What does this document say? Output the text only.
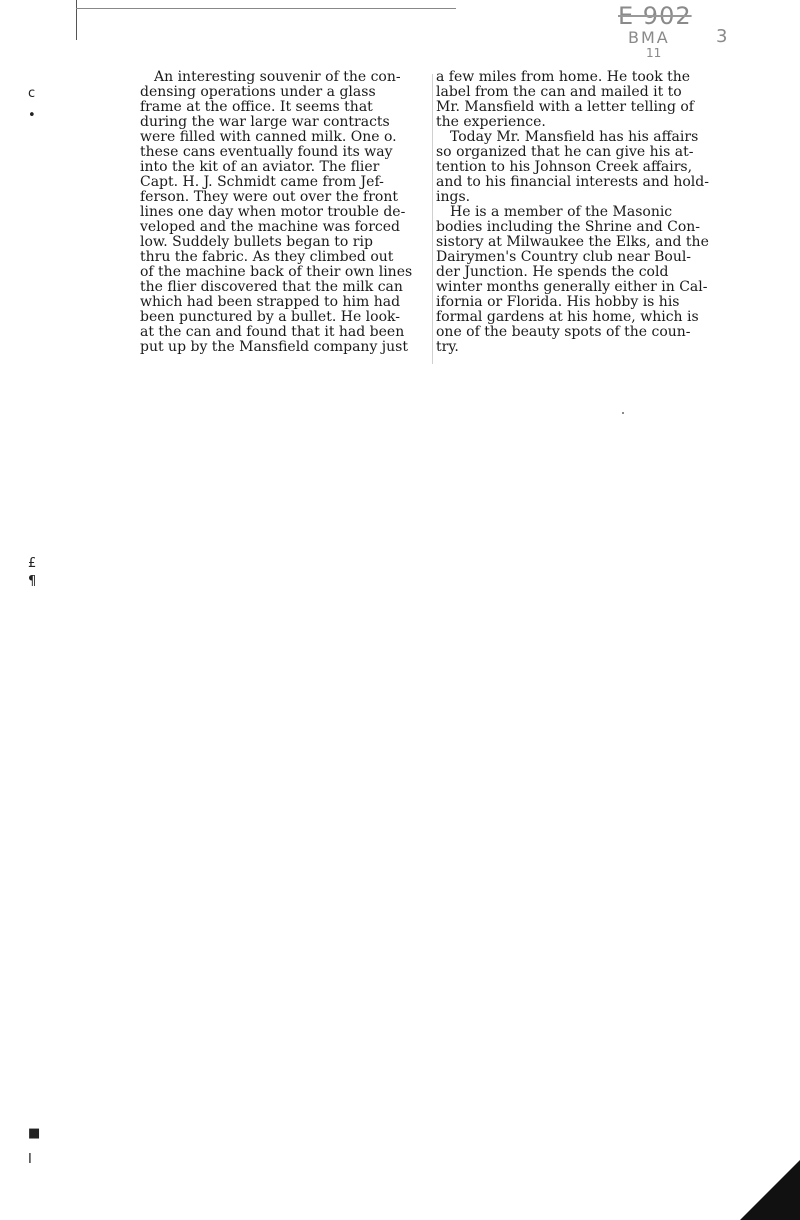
E 902
BMA
11
3
c
•
£
¶
■
I

An interesting souvenir of the con-
densing operations under a glass
frame at the office. It seems that
during the war large war contracts
were filled with canned milk. One o.
these cans eventually found its way
into the kit of an aviator. The flier
Capt. H. J. Schmidt came from Jef-
ferson. They were out over the front
lines one day when motor trouble de-
veloped and the machine was forced
low. Suddely bullets began to rip
thru the fabric. As they climbed out
of the machine back of their own lines
the flier discovered that the milk can
which had been strapped to him had
been punctured by a bullet. He look-
at the can and found that it had been
put up by the Mansfield company just

a few miles from home. He took the
label from the can and mailed it to
Mr. Mansfield with a letter telling of
the experience.

Today Mr. Mansfield has his affairs
so organized that he can give his at-
tention to his Johnson Creek affairs,
and to his financial interests and hold-
ings.

He is a member of the Masonic
bodies including the Shrine and Con-
sistory at Milwaukee the Elks, and the
Dairymen's Country club near Boul-
der Junction. He spends the cold
winter months generally either in Cal-
ifornia or Florida. His hobby is his
formal gardens at his home, which is
one of the beauty spots of the coun-
try.
